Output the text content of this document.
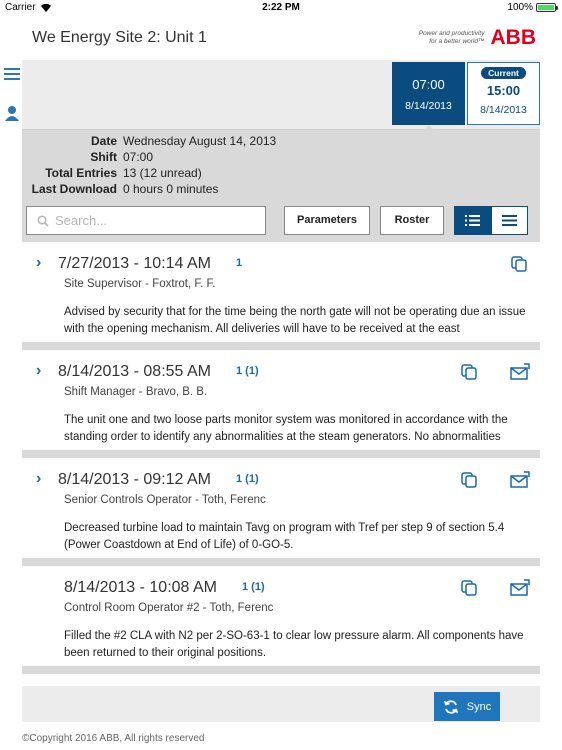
Carrier	2:22 PM	100%
We Energy Site 2: Unit 1	Power and productivity
for a better world™ ABB
07:00
8/14/2013
Current
15:00
8/14/2013
Date Wednesday August 14, 2013
Shift 07:00
Total Entries 13 (12 unread)
Last Download 0 hours 0 minutes
Search...
Parameters	Roster
› 7/27/2013 - 10:14 AM 1
Site Supervisor - Foxtrot, F. F.
Advised by security that for the time being the north gate will not be operating due an issue with the opening mechanism. All deliveries will have to be received at the east
› 8/14/2013 - 08:55 AM 1 (1)
Shift Manager - Bravo, B. B.
The unit one and two loose parts monitor system was monitored in accordance with the standing order to identify any abnormalities at the steam generators. No abnormalities
› 8/14/2013 - 09:12 AM 1 (1)
Senior Controls Operator - Toth, Ferenc
Decreased turbine load to maintain Tavg on program with Tref per step 9 of section 5.4 (Power Coastdown at End of Life) of 0-GO-5.
8/14/2013 - 10:08 AM 1 (1)
Control Room Operator #2 - Toth, Ferenc
Filled the #2 CLA with N2 per 2-SO-63-1 to clear low pressure alarm. All components have been returned to their original positions.
Sync
©Copyright 2016 ABB, All rights reserved
